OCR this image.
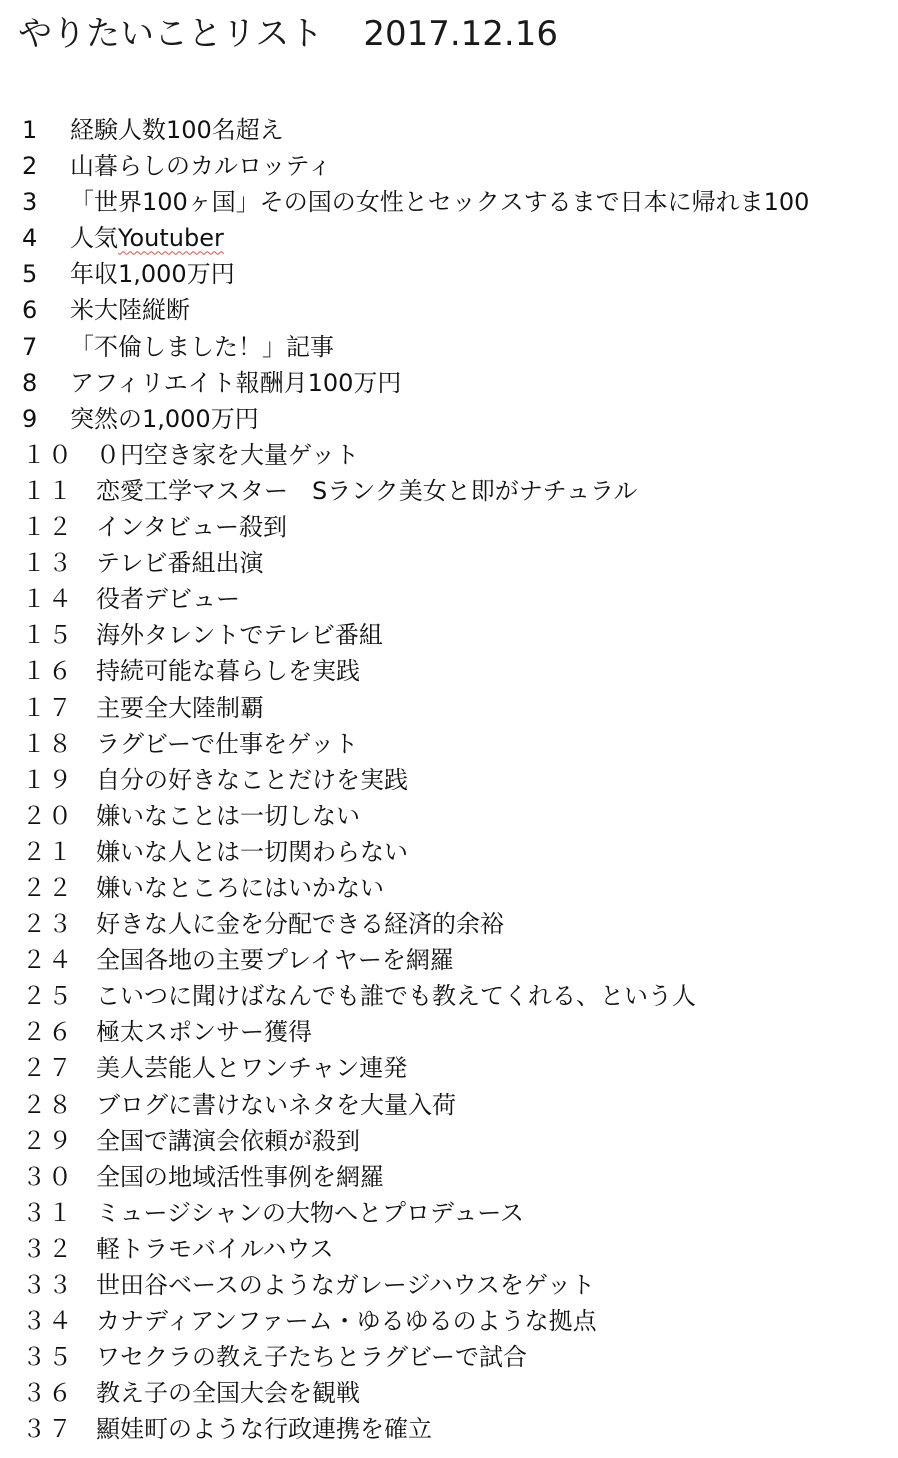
やりたいことリスト 2017.12.16
1	経験人数100名超え
2	山暮らしのカルロッティ
3	「世界100ヶ国」その国の女性とセックスするまで日本に帰れま100
4	人気Youtuber
5	年収1,000万円
6	米大陸縦断
7	「不倫しました！」記事
8	アフィリエイト報酬月100万円
9	突然の1,000万円
１０ ０円空き家を大量ゲット
１１ 恋愛工学マスター　Sランク美女と即がナチュラル
１２ インタビュー殺到
１３ テレビ番組出演
１４ 役者デビュー
１５ 海外タレントでテレビ番組
１６ 持続可能な暮らしを実践
１７ 主要全大陸制覇
１８ ラグビーで仕事をゲット
１９ 自分の好きなことだけを実践
２０ 嫌いなことは一切しない
２１ 嫌いな人とは一切関わらない
２２ 嫌いなところにはいかない
２３ 好きな人に金を分配できる経済的余裕
２４ 全国各地の主要プレイヤーを網羅
２５ こいつに聞けばなんでも誰でも教えてくれる、という人
２６ 極太スポンサー獲得
２７ 美人芸能人とワンチャン連発
２８ ブログに書けないネタを大量入荷
２９ 全国で講演会依頼が殺到
３０ 全国の地域活性事例を網羅
３１ ミュージシャンの大物へとプロデュース
３２ 軽トラモバイルハウス
３３ 世田谷ベースのようなガレージハウスをゲット
３４ カナディアンファーム・ゆるゆるのような拠点
３５ ワセクラの教え子たちとラグビーで試合
３６ 教え子の全国大会を観戦
３７ 顯娃町のような行政連携を確立
